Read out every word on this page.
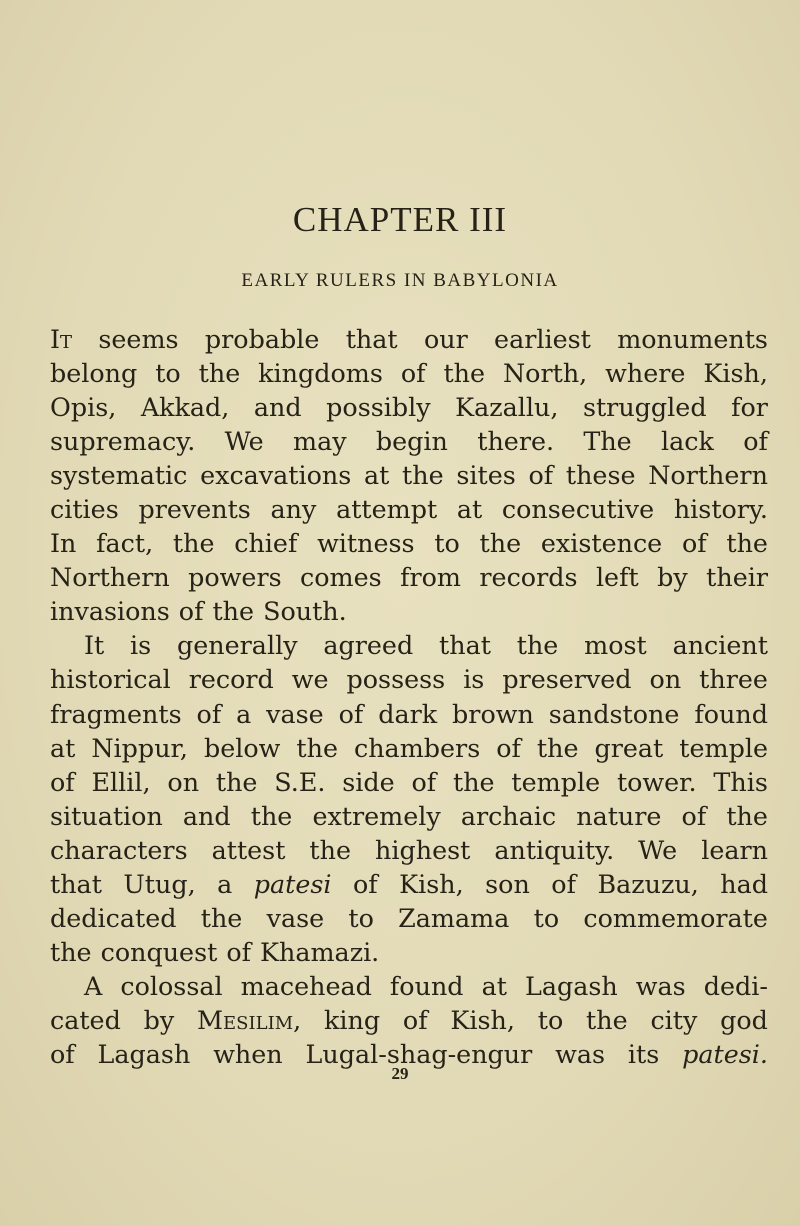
CHAPTER III
EARLY RULERS IN BABYLONIA
It seems probable that our earliest monuments
belong to the kingdoms of the North, where Kish,
Opis, Akkad, and possibly Kazallu, struggled for
supremacy. We may begin there. The lack of
systematic excavations at the sites of these Northern
cities prevents any attempt at consecutive history.
In fact, the chief witness to the existence of the
Northern powers comes from records left by their
invasions of the South.
It is generally agreed that the most ancient
historical record we possess is preserved on three
fragments of a vase of dark brown sandstone found
at Nippur, below the chambers of the great temple
of Ellil, on the S.E. side of the temple tower. This
situation and the extremely archaic nature of the
characters attest the highest antiquity. We learn
that Utug, a patesi of Kish, son of Bazuzu, had
dedicated the vase to Zamama to commemorate
the conquest of Khamazi.
A colossal macehead found at Lagash was dedi-
cated by Mesilim, king of Kish, to the city god
of Lagash when Lugal-shag-engur was its patesi.
29
